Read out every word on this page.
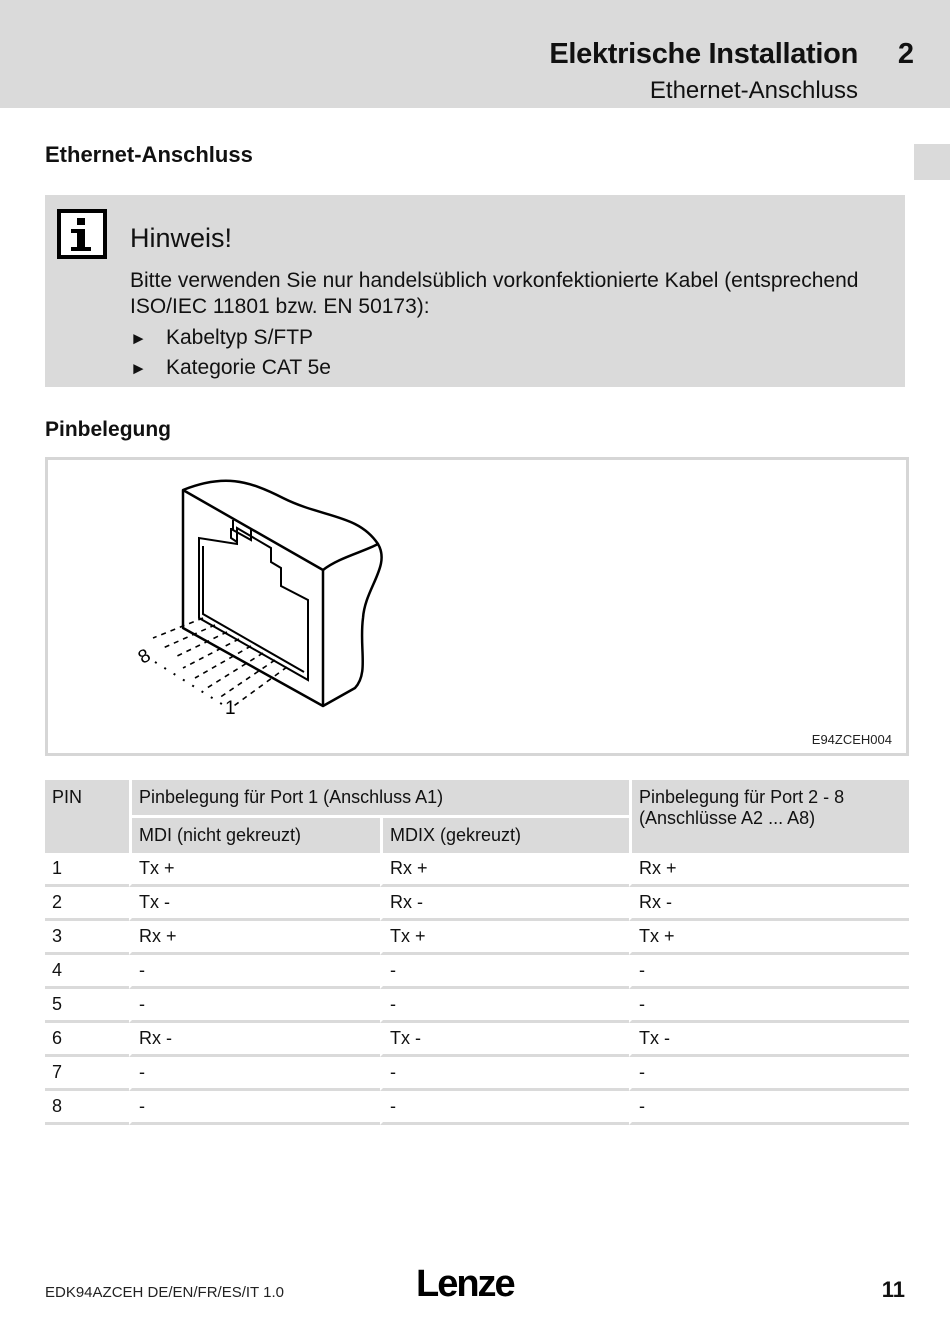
Elektrische Installation 2
Ethernet-Anschluss
Ethernet-Anschluss
Hinweis!
Bitte verwenden Sie nur handelsüblich vorkonfektionierte Kabel (entsprechend ISO/IEC 11801 bzw. EN 50173):
► Kabeltyp S/FTP
► Kategorie CAT 5e
Pinbelegung
8
1
E94ZCEH004
PIN	Pinbelegung für Port 1 (Anschluss A1)		Pinbelegung für Port 2 - 8 (Anschlüsse A2 ... A8)
	MDI (nicht gekreuzt)	MDIX (gekreuzt)	
1	Tx +	Rx +	Rx +
2	Tx -	Rx -	Rx -
3	Rx +	Tx +	Tx +
4	-	-	-
5	-	-	-
6	Rx -	Tx -	Tx -
7	-	-	-
8	-	-	-
EDK94AZCEH DE/EN/FR/ES/IT 1.0	Lenze	11
